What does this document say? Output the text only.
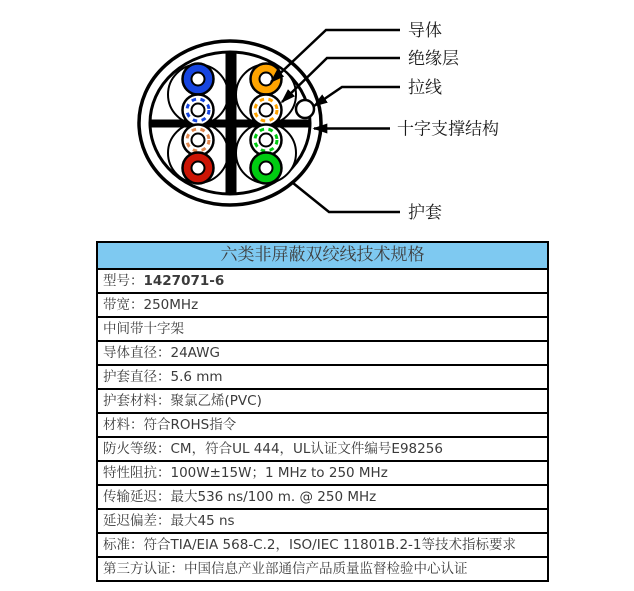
导体
绝缘层
拉线
十字支撑结构
护套
六类非屏蔽双绞线技术规格
型号：1427071-6
带宽：250MHz
中间带十字架
导体直径：24AWG
护套直径：5.6 mm
护套材料：聚氯乙烯(PVC)
材料：符合ROHS指令
防火等级：CM，符合UL 444，UL认证文件编号E98256
特性阻抗：100W±15W；1 MHz to 250 MHz
传输延迟：最大536 ns/100 m. @ 250 MHz
延迟偏差：最大45 ns
标准：符合TIA/EIA 568-C.2，ISO/IEC 11801B.2-1等技术指标要求
第三方认证：中国信息产业部通信产品质量监督检验中心认证
